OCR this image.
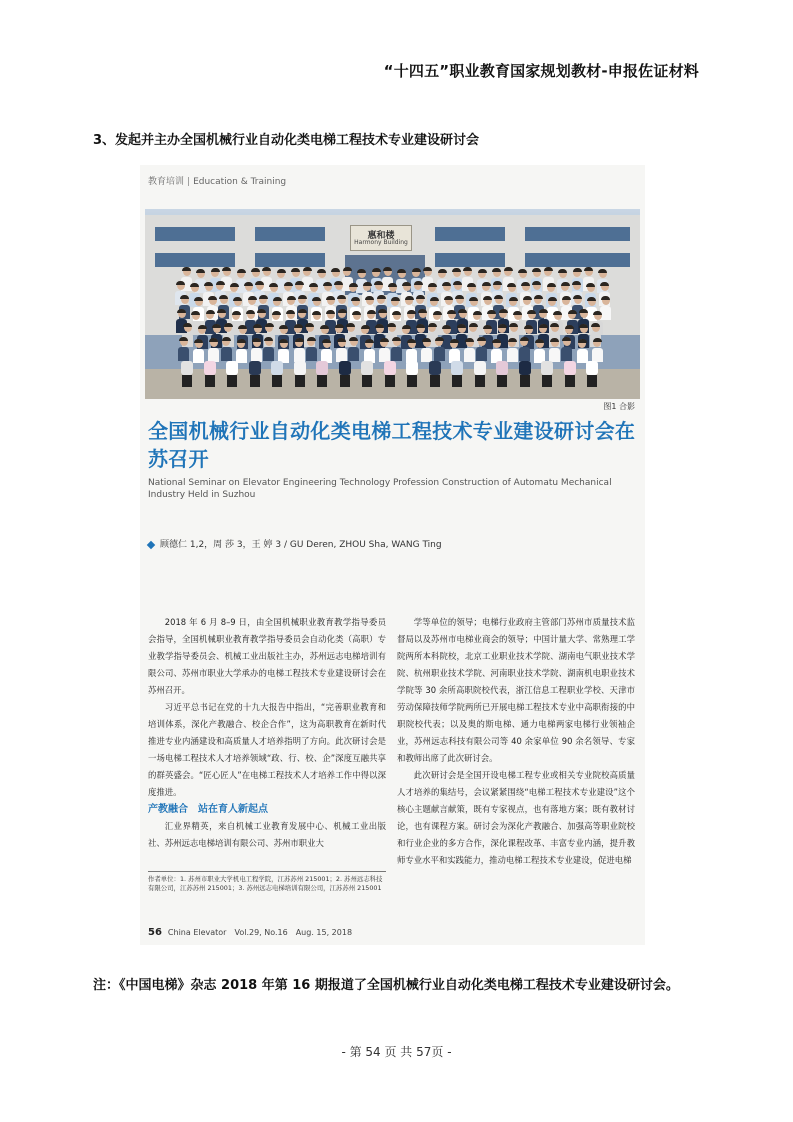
“十四五”职业教育国家规划教材-申报佐证材料
3、发起并主办全国机械行业自动化类电梯工程技术专业建设研讨会
教育培训 | Education & Training
惠和楼
Harmony Building
图1 合影
全国机械行业自动化类电梯工程技术专业建设研讨会在苏召开
National Seminar on Elevator Engineering Technology Profession Construction of Automatu Mechanical Industry Held in Suzhou
顾德仁 1,2，周 莎 3，王 婷 3 / GU Deren, ZHOU Sha, WANG Ting

2018 年 6 月 8–9 日，由全国机械职业教育教学指导委员会指导，全国机械职业教育教学指导委员会自动化类（高职）专业教学指导委员会、机械工业出版社主办，苏州远志电梯培训有限公司、苏州市职业大学承办的电梯工程技术专业建设研讨会在苏州召开。

习近平总书记在党的十九大报告中指出，“完善职业教育和培训体系，深化产教融合、校企合作”，这为高职教育在新时代推进专业内涵建设和高质量人才培养指明了方向。此次研讨会是一场电梯工程技术人才培养领域“政、行、校、企”深度互融共享的群英盛会。“匠心匠人”在电梯工程技术人才培养工作中得以深度推进。

产教融合　站在育人新起点

汇业界精英，来自机械工业教育发展中心、机械工业出版社、苏州远志电梯培训有限公司、苏州市职业大

作者单位：1. 苏州市职业大学机电工程学院，江苏苏州 215001；2. 苏州远志科技有限公司，江苏苏州 215001；3. 苏州远志电梯培训有限公司，江苏苏州 215001

学等单位的领导；电梯行业政府主管部门苏州市质量技术监督局以及苏州市电梯业商会的领导；中国计量大学、常熟理工学院两所本科院校，北京工业职业技术学院、湖南电气职业技术学院、杭州职业技术学院、河南职业技术学院、湖南机电职业技术学院等 30 余所高职院校代表，浙江信息工程职业学校、天津市劳动保障技师学院两所已开展电梯工程技术专业中高职衔接的中职院校代表；以及奥的斯电梯、通力电梯两家电梯行业领袖企业，苏州远志科技有限公司等 40 余家单位 90 余名领导、专家和教师出席了此次研讨会。

此次研讨会是全国开设电梯工程专业或相关专业院校高质量人才培养的集结号，会议紧紧围绕“电梯工程技术专业建设”这个核心主题献言献策，既有专家视点，也有落地方案；既有教材讨论，也有课程方案。研讨会为深化产教融合、加强高等职业院校和行业企业的多方合作，深化课程改革、丰富专业内涵，提升教师专业水平和实践能力，推动电梯工程技术专业建设，促进电梯

56 China Elevator　Vol.29, No.16　Aug. 15, 2018
注：《中国电梯》杂志 2018 年第 16 期报道了全国机械行业自动化类电梯工程技术专业建设研讨会。
- 第 54 页 共 57页 -
